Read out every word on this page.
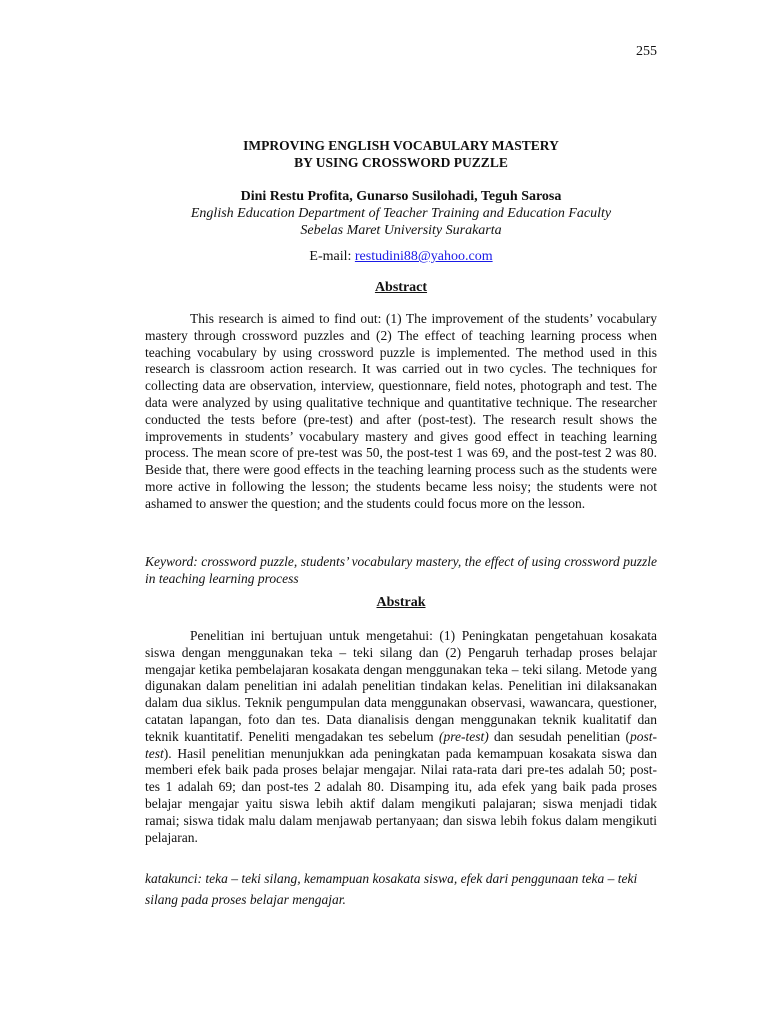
255

IMPROVING ENGLISH VOCABULARY MASTERY
BY USING CROSSWORD PUZZLE

Dini Restu Profita, Gunarso Susilohadi, Teguh Sarosa

English Education Department of Teacher Training and Education Faculty
Sebelas Maret University Surakarta

E-mail: restudini88@yahoo.com

Abstract

This research is aimed to find out: (1) The improvement of the students’ vocabulary mastery through crossword puzzles and (2) The effect of teaching learning process when teaching vocabulary by using crossword puzzle is implemented. The method used in this research is classroom action research. It was carried out in two cycles. The techniques for collecting data are observation, interview, questionnare, field notes, photograph and test. The data were analyzed by using qualitative technique and quantitative technique. The researcher conducted the tests before (pre-test) and after (post-test). The research result shows the improvements in students’ vocabulary mastery and gives good effect in teaching learning process. The mean score of pre-test was 50, the post-test 1 was 69, and the post-test 2 was 80. Beside that, there were good effects in the teaching learning process such as the students were more active in following the lesson; the students became less noisy; the students were not ashamed to answer the question; and the students could focus more on the lesson.

Keyword: crossword puzzle, students’ vocabulary mastery, the effect of using crossword puzzle in teaching learning process

Abstrak

Penelitian ini bertujuan untuk mengetahui: (1) Peningkatan pengetahuan kosakata siswa dengan menggunakan teka – teki silang dan (2) Pengaruh terhadap proses belajar mengajar ketika pembelajaran kosakata dengan menggunakan teka – teki silang. Metode yang digunakan dalam penelitian ini adalah penelitian tindakan kelas. Penelitian ini dilaksanakan dalam dua siklus. Teknik pengumpulan data menggunakan observasi, wawancara, questioner, catatan lapangan, foto dan tes. Data dianalisis dengan menggunakan teknik kualitatif dan teknik kuantitatif. Peneliti mengadakan tes sebelum (pre-test) dan sesudah penelitian (post-test). Hasil penelitian menunjukkan ada peningkatan pada kemampuan kosakata siswa dan memberi efek baik pada proses belajar mengajar. Nilai rata-rata dari pre-tes adalah 50; post-tes 1 adalah 69; dan post-tes 2 adalah 80. Disamping itu, ada efek yang baik pada proses belajar mengajar yaitu siswa lebih aktif dalam mengikuti palajaran; siswa menjadi tidak ramai; siswa tidak malu dalam menjawab pertanyaan; dan siswa lebih fokus dalam mengikuti pelajaran.

katakunci: teka – teki silang, kemampuan kosakata siswa, efek dari penggunaan teka – teki silang pada proses belajar mengajar.
